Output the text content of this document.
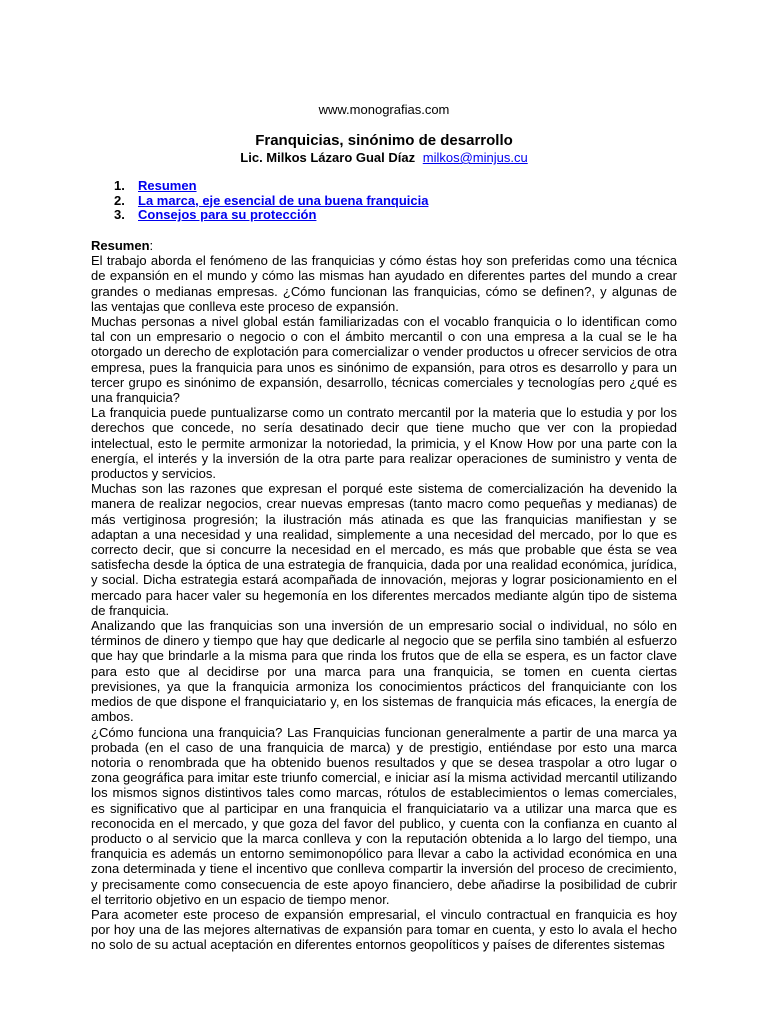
www.monografias.com
Franquicias, sinónimo de desarrollo
Lic. Milkos Lázaro Gual Díaz milkos@minjus.cu
1.	Resumen
2.	La marca, eje esencial de una buena franquicia
3.	Consejos para su protección

Resumen:

El trabajo aborda el fenómeno de las franquicias y cómo éstas hoy son preferidas como una técnica de expansión en el mundo y cómo las mismas han ayudado en diferentes partes del mundo a crear grandes o medianas empresas. ¿Cómo funcionan las franquicias, cómo se definen?, y algunas de las ventajas que conlleva este proceso de expansión.

Muchas personas a nivel global están familiarizadas con el vocablo franquicia o lo identifican como tal con un empresario o negocio o con el ámbito mercantil o con una empresa a la cual se le ha otorgado un derecho de explotación para comercializar o vender productos u ofrecer servicios de otra empresa, pues la franquicia para unos es sinónimo de expansión, para otros es desarrollo y para un tercer grupo es sinónimo de expansión, desarrollo, técnicas comerciales y tecnologías pero ¿qué es una franquicia?

La franquicia puede puntualizarse como un contrato mercantil por la materia que lo estudia y por los derechos que concede, no sería desatinado decir que tiene mucho que ver con la propiedad intelectual, esto le permite armonizar la notoriedad, la primicia, y el Know How por una parte con la energía, el interés y la inversión de la otra parte para realizar operaciones de suministro y venta de productos y servicios.

Muchas son las razones que expresan el porqué este sistema de comercialización ha devenido la manera de realizar negocios, crear nuevas empresas (tanto macro como pequeñas y medianas) de más vertiginosa progresión; la ilustración más atinada es que las franquicias manifiestan y se adaptan a una necesidad y una realidad, simplemente a una necesidad del mercado, por lo que es correcto decir, que si concurre la necesidad en el mercado, es más que probable que ésta se vea satisfecha desde la óptica de una estrategia de franquicia, dada por una realidad económica, jurídica, y social. Dicha estrategia estará acompañada de innovación, mejoras y lograr posicionamiento en el mercado para hacer valer su hegemonía en los diferentes mercados mediante algún tipo de sistema de franquicia.

Analizando que las franquicias son una inversión de un empresario social o individual, no sólo en términos de dinero y tiempo que hay que dedicarle al negocio que se perfila sino también al esfuerzo que hay que brindarle a la misma para que rinda los frutos que de ella se espera, es un factor clave para esto que al decidirse por una marca para una franquicia, se tomen en cuenta ciertas previsiones, ya que la franquicia armoniza los conocimientos prácticos del franquiciante con los medios de que dispone el franquiciatario y, en los sistemas de franquicia más eficaces, la energía de ambos.

¿Cómo funciona una franquicia? Las Franquicias funcionan generalmente a partir de una marca ya probada (en el caso de una franquicia de marca) y de prestigio, entiéndase por esto una marca notoria o renombrada que ha obtenido buenos resultados y que se desea traspolar a otro lugar o zona geográfica para imitar este triunfo comercial, e iniciar así la misma actividad mercantil utilizando los mismos signos distintivos tales como marcas, rótulos de establecimientos o lemas comerciales, es significativo que al participar en una franquicia el franquiciatario va a utilizar una marca que es reconocida en el mercado, y que goza del favor del publico, y cuenta con la confianza en cuanto al producto o al servicio que la marca conlleva y con la reputación obtenida a lo largo del tiempo, una franquicia es además un entorno semimonopólico para llevar a cabo la actividad económica en una zona determinada y tiene el incentivo que conlleva compartir la inversión del proceso de crecimiento, y precisamente como consecuencia de este apoyo financiero, debe añadirse la posibilidad de cubrir el territorio objetivo en un espacio de tiempo menor.

Para acometer este proceso de expansión empresarial, el vinculo contractual en franquicia es hoy por hoy una de las mejores alternativas de expansión para tomar en cuenta, y esto lo avala el hecho no solo de su actual aceptación en diferentes entornos geopolíticos y países de diferentes sistemas
